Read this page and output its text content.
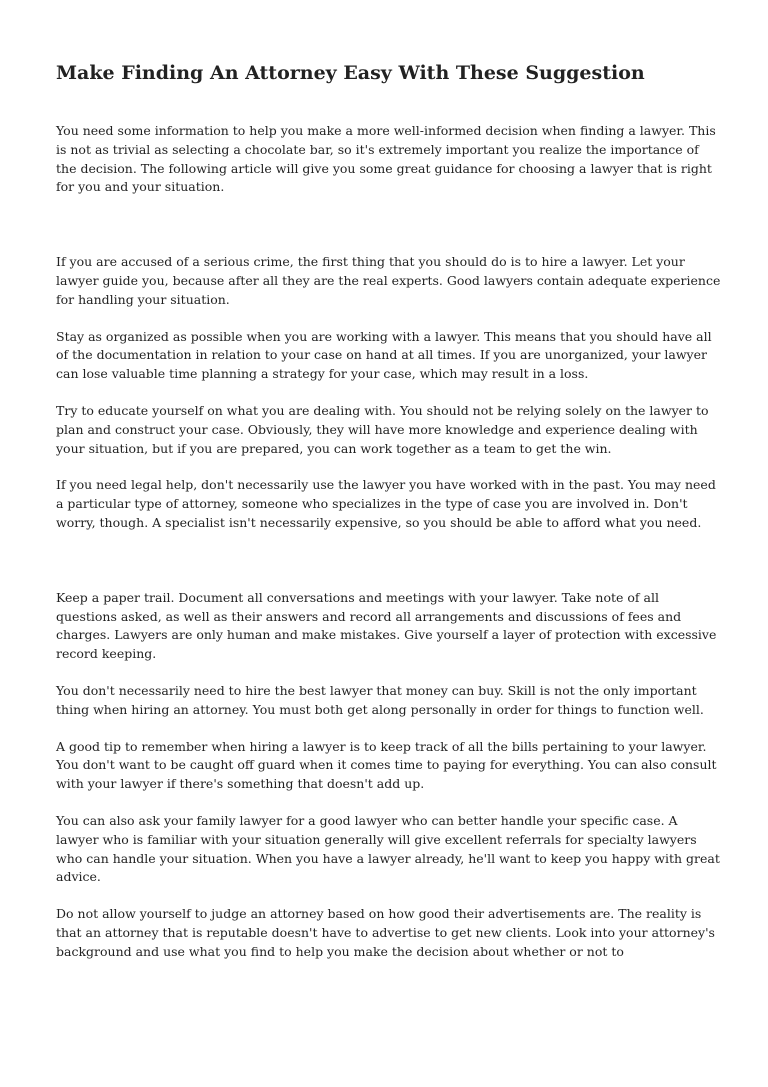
Make Finding An Attorney Easy With These Suggestion

You need some information to help you make a more well-informed decision when finding a lawyer. This is not as trivial as selecting a chocolate bar, so it's extremely important you realize the importance of the decision. The following article will give you some great guidance for choosing a lawyer that is right for you and your situation.

If you are accused of a serious crime, the first thing that you should do is to hire a lawyer. Let your lawyer guide you, because after all they are the real experts. Good lawyers contain adequate experience for handling your situation.

Stay as organized as possible when you are working with a lawyer. This means that you should have all of the documentation in relation to your case on hand at all times. If you are unorganized, your lawyer can lose valuable time planning a strategy for your case, which may result in a loss.

Try to educate yourself on what you are dealing with. You should not be relying solely on the lawyer to plan and construct your case. Obviously, they will have more knowledge and experience dealing with your situation, but if you are prepared, you can work together as a team to get the win.

If you need legal help, don't necessarily use the lawyer you have worked with in the past. You may need a particular type of attorney, someone who specializes in the type of case you are involved in. Don't worry, though. A specialist isn't necessarily expensive, so you should be able to afford what you need.

Keep a paper trail. Document all conversations and meetings with your lawyer. Take note of all questions asked, as well as their answers and record all arrangements and discussions of fees and charges. Lawyers are only human and make mistakes. Give yourself a layer of protection with excessive record keeping.

You don't necessarily need to hire the best lawyer that money can buy. Skill is not the only important thing when hiring an attorney. You must both get along personally in order for things to function well.

A good tip to remember when hiring a lawyer is to keep track of all the bills pertaining to your lawyer. You don't want to be caught off guard when it comes time to paying for everything. You can also consult with your lawyer if there's something that doesn't add up.

You can also ask your family lawyer for a good lawyer who can better handle your specific case. A lawyer who is familiar with your situation generally will give excellent referrals for specialty lawyers who can handle your situation. When you have a lawyer already, he'll want to keep you happy with great advice.

Do not allow yourself to judge an attorney based on how good their advertisements are. The reality is that an attorney that is reputable doesn't have to advertise to get new clients. Look into your attorney's background and use what you find to help you make the decision about whether or not to
